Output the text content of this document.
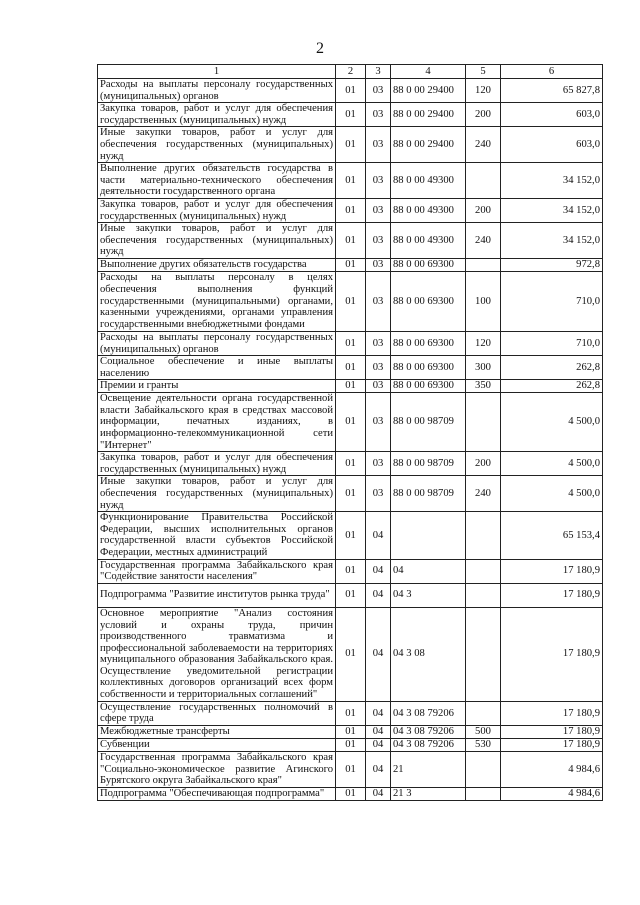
2
1	2	3	4	5	6
Расходы на выплаты персоналу государственных (муниципальных) органов	01	03	88 0 00 29400	120	65 827,8
Закупка товаров, работ и услуг для обеспечения государственных (муниципальных) нужд	01	03	88 0 00 29400	200	603,0
Иные закупки товаров, работ и услуг для обеспечения государственных (муниципальных) нужд	01	03	88 0 00 29400	240	603,0
Выполнение других обязательств государства в части материально-технического обеспечения деятельности государственного органа	01	03	88 0 00 49300		34 152,0
Закупка товаров, работ и услуг для обеспечения государственных (муниципальных) нужд	01	03	88 0 00 49300	200	34 152,0
Иные закупки товаров, работ и услуг для обеспечения государственных (муниципальных) нужд	01	03	88 0 00 49300	240	34 152,0
Выполнение других обязательств государства	01	03	88 0 00 69300		972,8
Расходы на выплаты персоналу в целях обеспечения выполнения функций государственными (муниципальными) органами, казенными учреждениями, органами управления государственными внебюджетными фондами	01	03	88 0 00 69300	100	710,0
Расходы на выплаты персоналу государственных (муниципальных) органов	01	03	88 0 00 69300	120	710,0
Социальное обеспечение и иные выплаты населению	01	03	88 0 00 69300	300	262,8
Премии и гранты	01	03	88 0 00 69300	350	262,8
Освещение деятельности органа государственной власти Забайкальского края в средствах массовой информации, печатных изданиях, в информационно-телекоммуникационной сети "Интернет"	01	03	88 0 00 98709		4 500,0
Закупка товаров, работ и услуг для обеспечения государственных (муниципальных) нужд	01	03	88 0 00 98709	200	4 500,0
Иные закупки товаров, работ и услуг для обеспечения государственных (муниципальных) нужд	01	03	88 0 00 98709	240	4 500,0
Функционирование Правительства Российской Федерации, высших исполнительных органов государственной власти субъектов Российской Федерации, местных администраций	01	04			65 153,4
Государственная программа Забайкальского края "Содействие занятости населения"	01	04	04		17 180,9
Подпрограмма "Развитие институтов рынка труда"	01	04	04 3		17 180,9
Основное мероприятие "Анализ состояния условий и охраны труда, причин производственного травматизма и профессиональной заболеваемости на территориях муниципального образования Забайкальского края. Осуществление уведомительной регистрации коллективных договоров организаций всех форм собственности и территориальных соглашений"	01	04	04 3 08		17 180,9
Осуществление государственных полномочий в сфере труда	01	04	04 3 08 79206		17 180,9
Межбюджетные трансферты	01	04	04 3 08 79206	500	17 180,9
Субвенции	01	04	04 3 08 79206	530	17 180,9
Государственная программа Забайкальского края "Социально-экономическое развитие Агинского Бурятского округа Забайкальского края"	01	04	21		4 984,6
Подпрограмма "Обеспечивающая подпрограмма"	01	04	21 3		4 984,6
